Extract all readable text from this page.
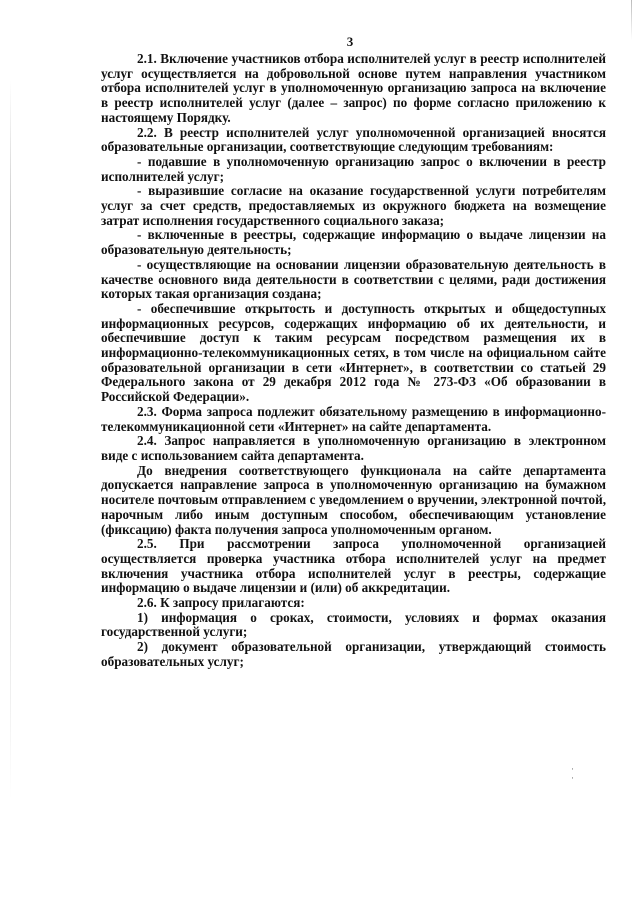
3

2.1. Включение участников отбора исполнителей услуг в реестр исполнителей услуг осуществляется на добровольной основе путем направления участником отбора исполнителей услуг в уполномоченную организацию запроса на включение в реестр исполнителей услуг (далее – запрос) по форме согласно приложению к настоящему Порядку.

2.2. В реестр исполнителей услуг уполномоченной организацией вносятся образовательные организации, соответствующие следующим требованиям:

- подавшие в уполномоченную организацию запрос о включении в реестр исполнителей услуг;

- выразившие согласие на оказание государственной услуги потребителям услуг за счет средств, предоставляемых из окружного бюджета на возмещение затрат исполнения государственного социального заказа;

- включенные в реестры, содержащие информацию о выдаче лицензии на образовательную деятельность;

- осуществляющие на основании лицензии образовательную деятельность в качестве основного вида деятельности в соответствии с целями, ради достижения которых такая организация создана;

- обеспечившие открытость и доступность открытых и общедоступных информационных ресурсов, содержащих информацию об их деятельности, и обеспечившие доступ к таким ресурсам посредством размещения их в информационно-телекоммуникационных сетях, в том числе на официальном сайте образовательной организации в сети «Интернет», в соответствии со статьей 29 Федерального закона от 29 декабря 2012 года № 273-ФЗ «Об образовании в Российской Федерации».

2.3. Форма запроса подлежит обязательному размещению в информационно-телекоммуникационной сети «Интернет» на сайте департамента.

2.4. Запрос направляется в уполномоченную организацию в электронном виде с использованием сайта департамента.

До внедрения соответствующего функционала на сайте департамента допускается направление запроса в уполномоченную организацию на бумажном носителе почтовым отправлением с уведомлением о вручении, электронной почтой, нарочным либо иным доступным способом, обеспечивающим установление (фиксацию) факта получения запроса уполномоченным органом.

2.5. При рассмотрении запроса уполномоченной организацией осуществляется проверка участника отбора исполнителей услуг на предмет включения участника отбора исполнителей услуг в реестры, содержащие информацию о выдаче лицензии и (или) об аккредитации.

2.6. К запросу прилагаются:

1) информация о сроках, стоимости, условиях и формах оказания государственной услуги;

2) документ образовательной организации, утверждающий стоимость образовательных услуг;

·
·
